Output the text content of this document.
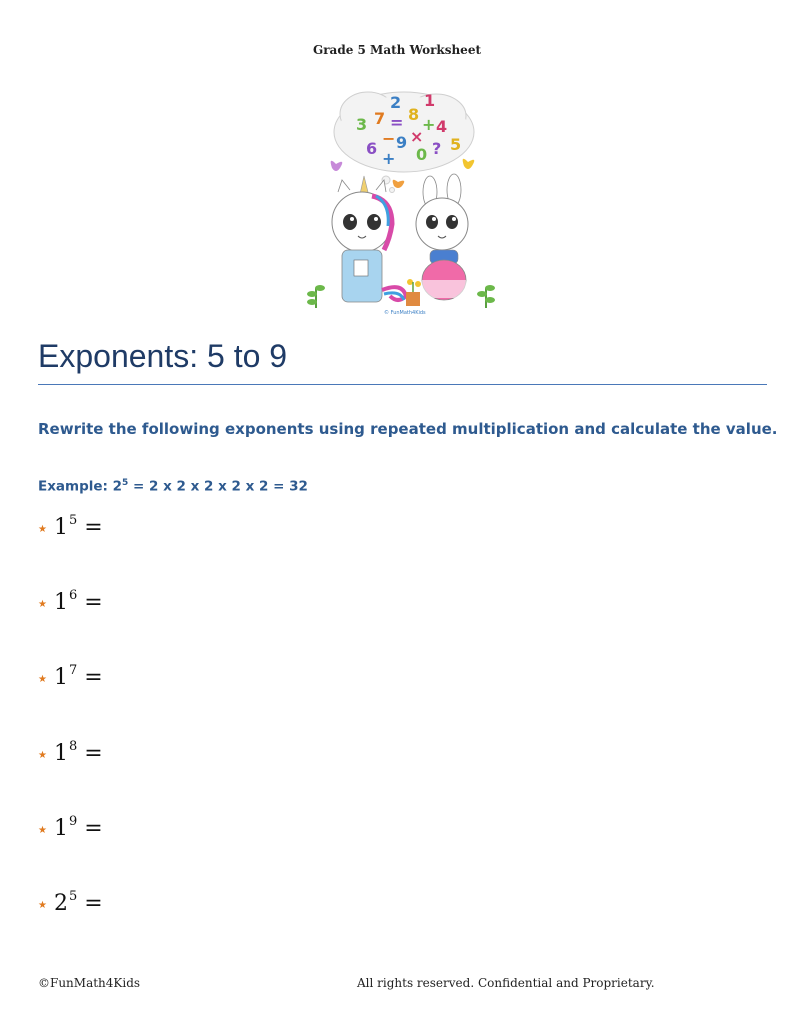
Grade 5 Math Worksheet
3 7
2
8
1
= + 4
6
− 9 ×
0 ? 5
+
© FunMath4Kids
Exponents: 5 to 9
Rewrite the following exponents using repeated multiplication and calculate the value.
Example: $2^5 = 2$ x 2 x 2 x 2 x 2 = 32
★ 1 5 =
★ 1 6 =
★ 1 7 =
★ 1 8 =
★ 1 9 =
★ 2 5 =
©FunMath4Kids	All rights reserved. Confidential and Proprietary.
